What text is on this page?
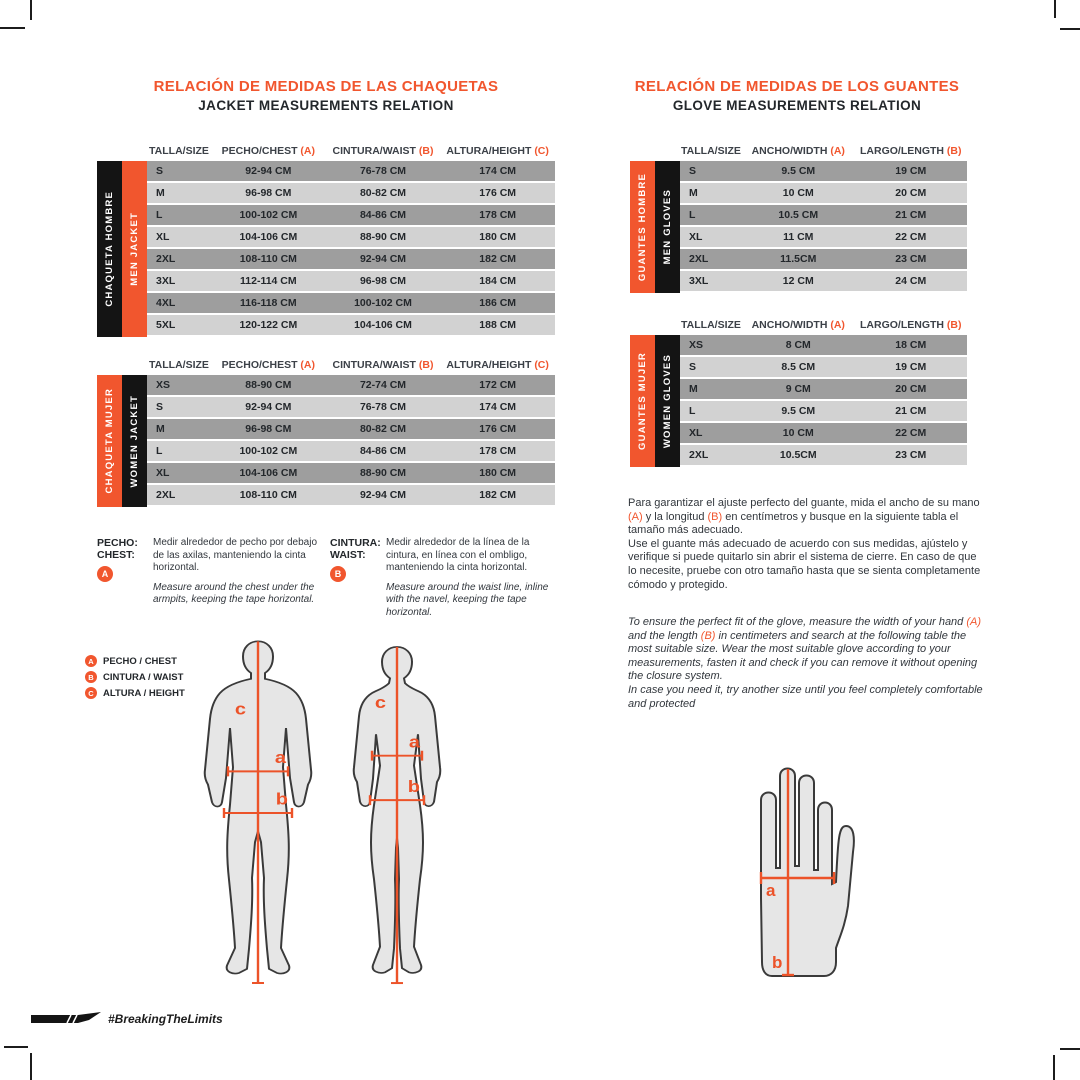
RELACIÓN DE MEDIDAS DE LAS CHAQUETAS
JACKET MEASUREMENTS RELATION
TALLA/SIZE	PECHO/CHEST (A)	CINTURA/WAIST (B)	ALTURA/HEIGHT (C)
CHAQUETA HOMBRE MEN JACKET
S	92-94 CM	76-78 CM	174 CM
M	96-98 CM	80-82 CM	176 CM
L	100-102 CM	84-86 CM	178 CM
XL	104-106 CM	88-90 CM	180 CM
2XL	108-110 CM	92-94 CM	182 CM
3XL	112-114 CM	96-98 CM	184 CM
4XL	116-118 CM	100-102 CM	186 CM
5XL	120-122 CM	104-106 CM	188 CM
TALLA/SIZE	PECHO/CHEST (A)	CINTURA/WAIST (B)	ALTURA/HEIGHT (C)
CHAQUETA MUJER WOMEN JACKET
XS	88-90 CM	72-74 CM	172 CM
S	92-94 CM	76-78 CM	174 CM
M	96-98 CM	80-82 CM	176 CM
L	100-102 CM	84-86 CM	178 CM
XL	104-106 CM	88-90 CM	180 CM
2XL	108-110 CM	92-94 CM	182 CM
PECHO:
CHEST:
A
Medir alrededor de pecho por debajo de las axilas, manteniendo la cinta horizontal.
Measure around the chest under the armpits, keeping the tape horizontal.
CINTURA:
WAIST:
B
Medir alrededor de la línea de la cintura, en línea con el ombligo, manteniendo la cinta horizontal.
Measure around the waist line, inline with the navel, keeping the tape horizontal.
A PECHO / CHEST
B CINTURA / WAIST
C ALTURA / HEIGHT
c
a
b
c
a
b
RELACIÓN DE MEDIDAS DE LOS GUANTES
GLOVE MEASUREMENTS RELATION
TALLA/SIZE	ANCHO/WIDTH (A)	LARGO/LENGTH (B)
GUANTES HOMBRE MEN GLOVES
S	9.5 CM	19 CM
M	10 CM	20 CM
L	10.5 CM	21 CM
XL	11 CM	22 CM
2XL	11.5CM	23 CM
3XL	12 CM	24 CM
TALLA/SIZE	ANCHO/WIDTH (A)	LARGO/LENGTH (B)
GUANTES MUJER WOMEN GLOVES
XS	8 CM	18 CM
S	8.5 CM	19 CM
M	9 CM	20 CM
L	9.5 CM	21 CM
XL	10 CM	22 CM
2XL	10.5CM	23 CM

Para garantizar el ajuste perfecto del guante, mida el ancho de su mano (A) y la longitud (B) en centímetros y busque en la siguiente tabla el tamaño más adecuado.

Use el guante más adecuado de acuerdo con sus medidas, ajústelo y verifique si puede quitarlo sin abrir el sistema de cierre. En caso de que lo necesite, pruebe con otro tamaño hasta que se sienta completamente cómodo y protegido.

To ensure the perfect fit of the glove, measure the width of your hand (A) and the length (B) in centimeters and search at the following table the most suitable size. Wear the most suitable glove according to your measurements, fasten it and check if you can remove it without opening the closure system.

In case you need it, try another size until you feel completely comfortable and protected

a
b
#BreakingTheLimits
